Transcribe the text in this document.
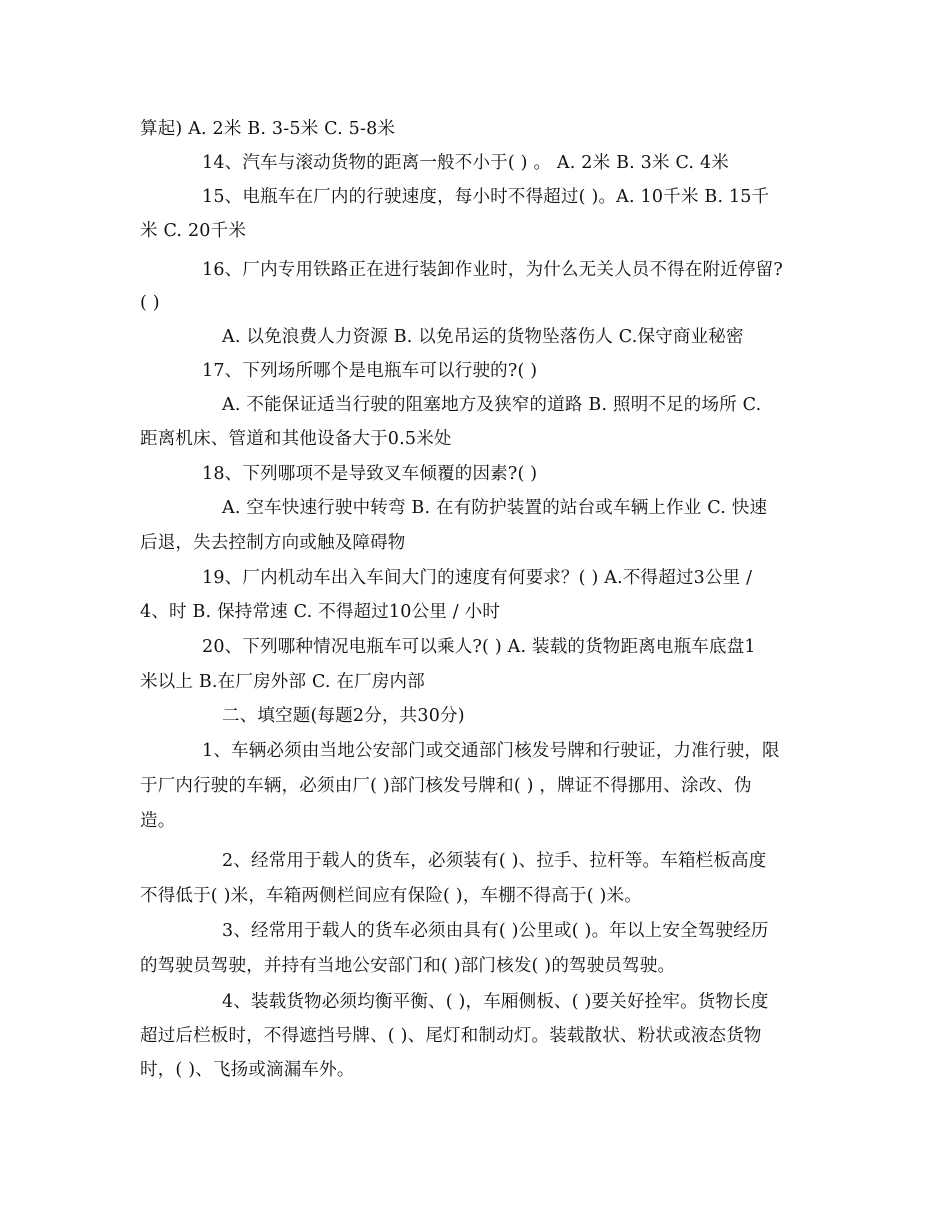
算起) A. 2米 B. 3-5米 C. 5-8米
14、汽车与滚动货物的距离一般不小于( ) 。 A. 2米 B. 3米 C. 4米
15、电瓶车在厂内的行驶速度，每小时不得超过( )。A. 10千米 B. 15千
米 C. 20千米
16、厂内专用铁路正在进行装卸作业时，为什么无关人员不得在附近停留?
( )
A. 以免浪费人力资源 B. 以免吊运的货物坠落伤人 C.保守商业秘密
17、下列场所哪个是电瓶车可以行驶的?( )
A. 不能保证适当行驶的阻塞地方及狭窄的道路 B. 照明不足的场所 C.
距离机床、管道和其他设备大于0.5米处
18、下列哪项不是导致叉车倾覆的因素?( )
A. 空车快速行驶中转弯 B. 在有防护装置的站台或车辆上作业 C. 快速
后退，失去控制方向或触及障碍物
19、厂内机动车出入车间大门的速度有何要求？( ) A.不得超过3公里 /
4、时 B. 保持常速 C. 不得超过10公里 / 小时
20、下列哪种情况电瓶车可以乘人?( ) A. 装载的货物距离电瓶车底盘1
米以上 B.在厂房外部 C. 在厂房内部
二、填空题(每题2分，共30分)
1、车辆必须由当地公安部门或交通部门核发号牌和行驶证，力准行驶，限
于厂内行驶的车辆，必须由厂( )部门核发号牌和( ) ，牌证不得挪用、涂改、伪
造。
2、经常用于载人的货车，必须装有( )、拉手、拉杆等。车箱栏板高度
不得低于( )米，车箱两侧栏间应有保险( )，车棚不得高于( )米。
3、经常用于载人的货车必须由具有( )公里或( )。年以上安全驾驶经历
的驾驶员驾驶，并持有当地公安部门和( )部门核发( )的驾驶员驾驶。
4、装载货物必须均衡平衡、( )，车厢侧板、( )要关好拴牢。货物长度
超过后栏板时，不得遮挡号牌、( )、尾灯和制动灯。装载散状、粉状或液态货物
时，( )、飞扬或滴漏车外。
